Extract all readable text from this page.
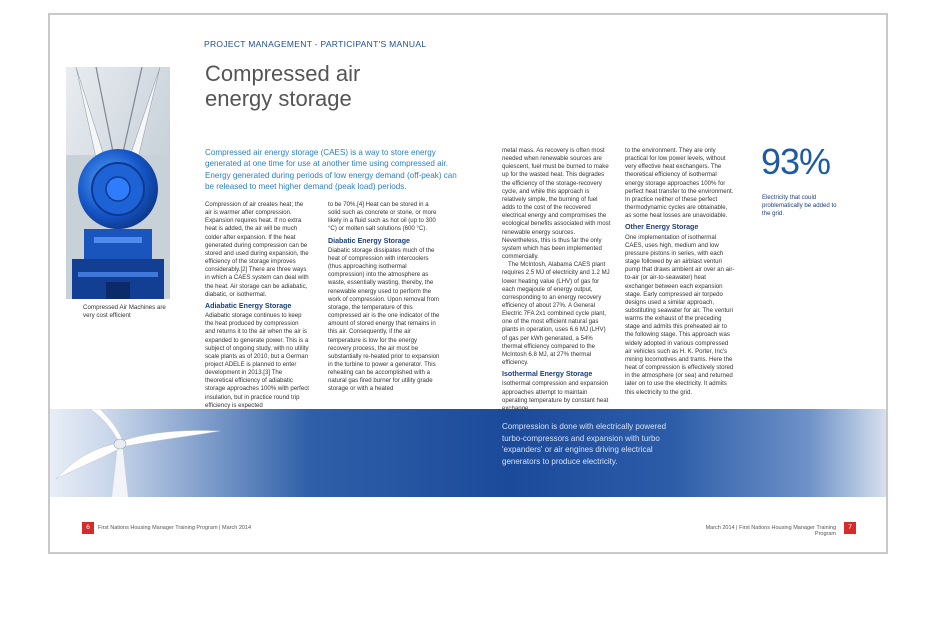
PROJECT MANAGEMENT - PARTICIPANT'S MANUAL
Compressed air
energy storage
Compressed Air Machines are very cost efficient
Compressed air energy storage (CAES) is a way to store energy generated at one time for use at another time using compressed air. Energy generated during periods of low energy demand (off-peak) can be released to meet higher demand (peak load) periods.

Compression of air creates heat; the air is warmer after compression. Expansion requires heat. If no extra heat is added, the air will be much colder after expansion. If the heat generated during compression can be stored and used during expansion, the efficiency of the storage improves considerably.[2] There are three ways in which a CAES system can deal with the heat. Air storage can be adiabatic, diabatic, or isothermal.

Adiabatic Energy Storage

Adiabatic storage continues to keep the heat produced by compression and returns it to the air when the air is expanded to generate power. This is a subject of ongoing study, with no utility scale plants as of 2010, but a German project ADELE is planned to enter development in 2013.[3] The theoretical efficiency of adiabatic storage approaches 100% with perfect insulation, but in practice round trip efficiency is expected

to be 70%.[4] Heat can be stored in a solid such as concrete or stone, or more likely in a fluid such as hot oil (up to 300 °C) or molten salt solutions (600 °C).

Diabatic Energy Storage

Diabatic storage dissipates much of the heat of compression with intercoolers (thus approaching isothermal compression) into the atmosphere as waste, essentially wasting, thereby, the renewable energy used to perform the work of compression. Upon removal from storage, the temperature of this compressed air is the one indicator of the amount of stored energy that remains in this air. Consequently, if the air temperature is low for the energy recovery process, the air must be substantially re-heated prior to expansion in the turbine to power a generator. This reheating can be accomplished with a natural gas fired burner for utility grade storage or with a heated

metal mass. As recovery is often most needed when renewable sources are quiescent, fuel must be burned to make up for the wasted heat. This degrades the efficiency of the storage-recovery cycle, and while this approach is relatively simple, the burning of fuel adds to the cost of the recovered electrical energy and compromises the ecological benefits associated with most renewable energy sources. Nevertheless, this is thus far the only system which has been implemented commercially.

The McIntosh, Alabama CAES plant requires 2.5 MJ of electricity and 1.2 MJ lower heating value (LHV) of gas for each megajoule of energy output, corresponding to an energy recovery efficiency of about 27%. A General Electric 7FA 2x1 combined cycle plant, one of the most efficient natural gas plants in operation, uses 6.6 MJ (LHV) of gas per kWh generated, a 54% thermal efficiency compared to the McIntosh 6.8 MJ, at 27% thermal efficiency.

Isothermal Energy Storage

Isothermal compression and expansion approaches attempt to maintain operating temperature by constant heat

to the environment. They are only practical for low power levels, without very effective heat exchangers. The theoretical efficiency of isothermal energy storage approaches 100% for perfect heat transfer to the environment. In practice neither of these perfect thermodynamic cycles are obtainable, as some heat losses are unavoidable.

Other Energy Storage

One implementation of isothermal CAES, uses high, medium and low pressure pistons in series, with each stage followed by an airblast venturi pump that draws ambient air over an air-to-air (or air-to-seawater) heat exchanger between each expansion stage. Early compressed air torpedo designs used a similar approach, substituting seawater for air. The venturi warms the exhaust of the preceding stage and admits this preheated air to the following stage. This approach was widely adopted in various compressed air vehicles such as H. K. Porter, Inc's mining locomotives and trams. Here the heat of compression is effectively stored in the atmosphere (or sea) and returned later on to use the electricity. It admits this electricity to the grid.

93%
Electricity that could problematically be added to the grid.
Compression is done with electrically powered turbo-compressors and expansion with turbo 'expanders' or air engines driving electrical generators to produce electricity.
6	First Nations Housing Manager Training Program | March 2014	March 2014 | First Nations Housing Manager Training Program
7
